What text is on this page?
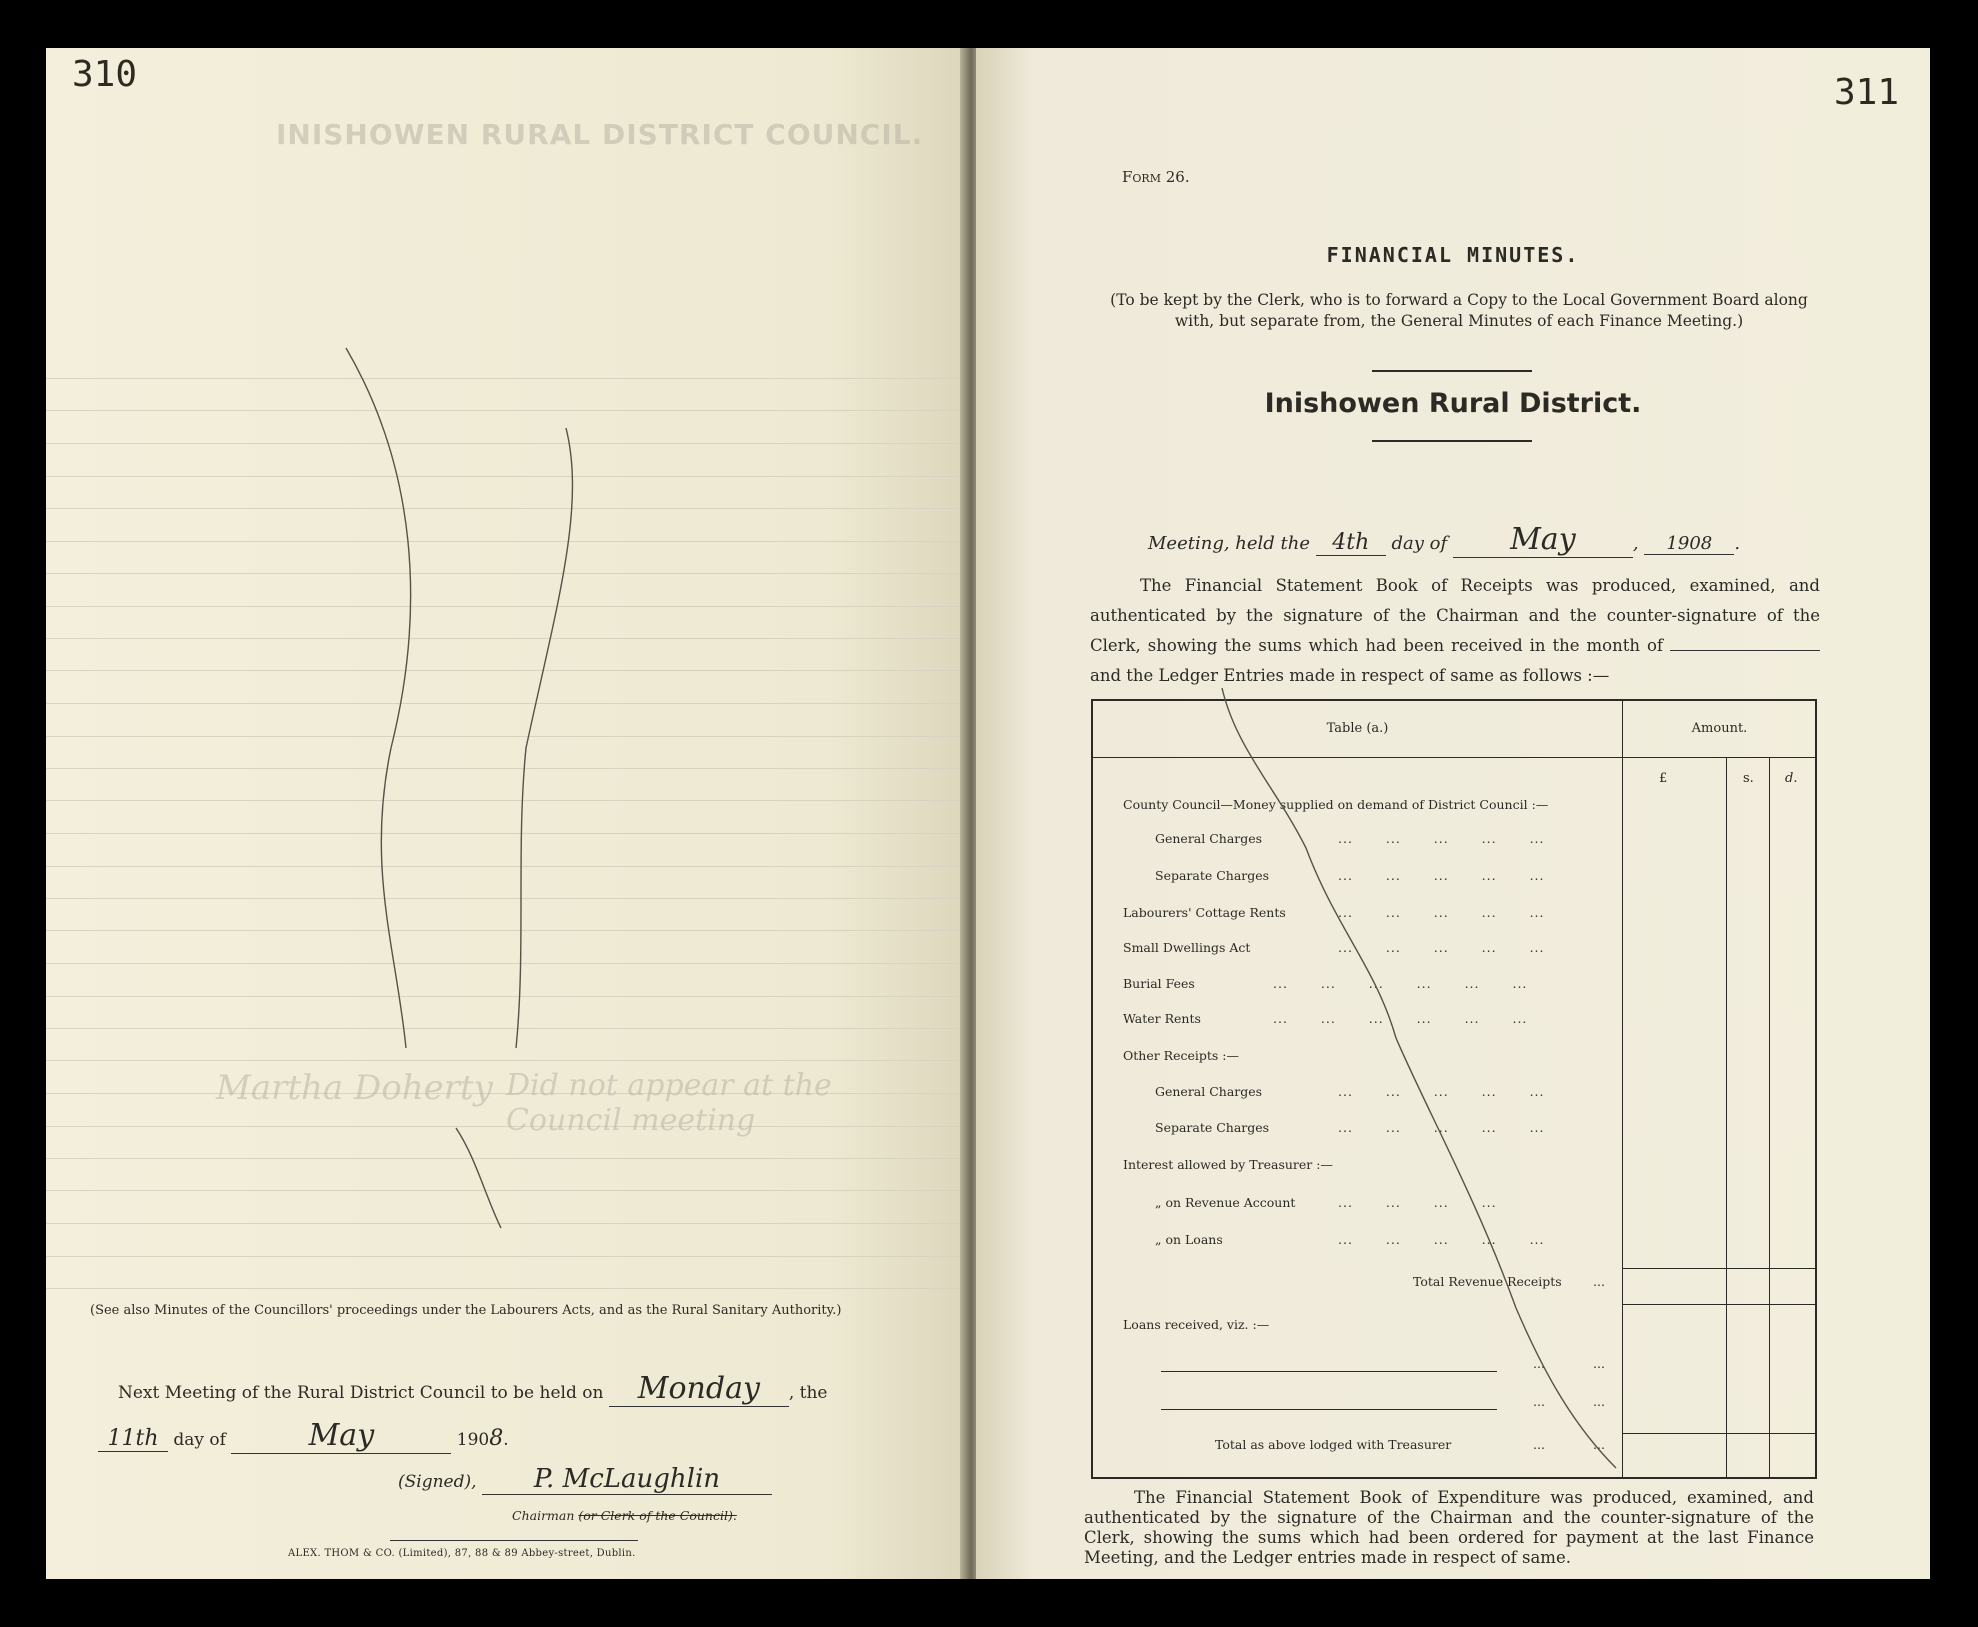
310
INISHOWEN RURAL DISTRICT COUNCIL.
Martha Doherty Did not appear at the Council meeting
(See also Minutes of the Councillors' proceedings under the Labourers Acts, and as the Rural Sanitary Authority.)
Next Meeting of the Rural District Council to be held on Monday , the
11th day of	May	1908.
(Signed), P. McLaughlin
Chairman (or Clerk of the Council).
ALEX. THOM & CO. (Limited), 87, 88 & 89 Abbey-street, Dublin.
311
Form 26.
FINANCIAL MINUTES.
(To be kept by the Clerk, who is to forward a Copy to the Local Government Board along with, but separate from, the General Minutes of each Finance Meeting.)
Inishowen Rural District.
Meeting, held the 4th day of May	, 1908 .
The Financial Statement Book of Receipts was produced, examined, and authenticated by the signature of the Chairman and the counter-signature of the Clerk, showing the sums which had been received in the month of  and the Ledger Entries made in respect of same as follows :—
Table (a.)	Amount.
£	s. d.
County Council—Money supplied on demand of District Council :—
General Charges	... ... ... ... ...
Separate Charges	... ... ... ... ...
Labourers' Cottage Rents	... ... ... ... ...
Small Dwellings Act	... ... ... ... ...
Burial Fees	... ... ... ... ... ...
Water Rents	... ... ... ... ... ...
Other Receipts :—
General Charges	... ... ... ... ...
Separate Charges	... ... ... ... ...
Interest allowed by Treasurer :—
„ on Revenue Account	... ... ... ...
„ on Loans	... ... ... ... ...
Total Revenue Receipts	...
Loans received, viz. :—
...	...
...	...
Total as above lodged with Treasurer	...	...
The Financial Statement Book of Expenditure was produced, examined, and authenticated by the signature of the Chairman and the counter-signature of the Clerk, showing the sums which had been ordered for payment at the last Finance Meeting, and the Ledger entries made in respect of same.
